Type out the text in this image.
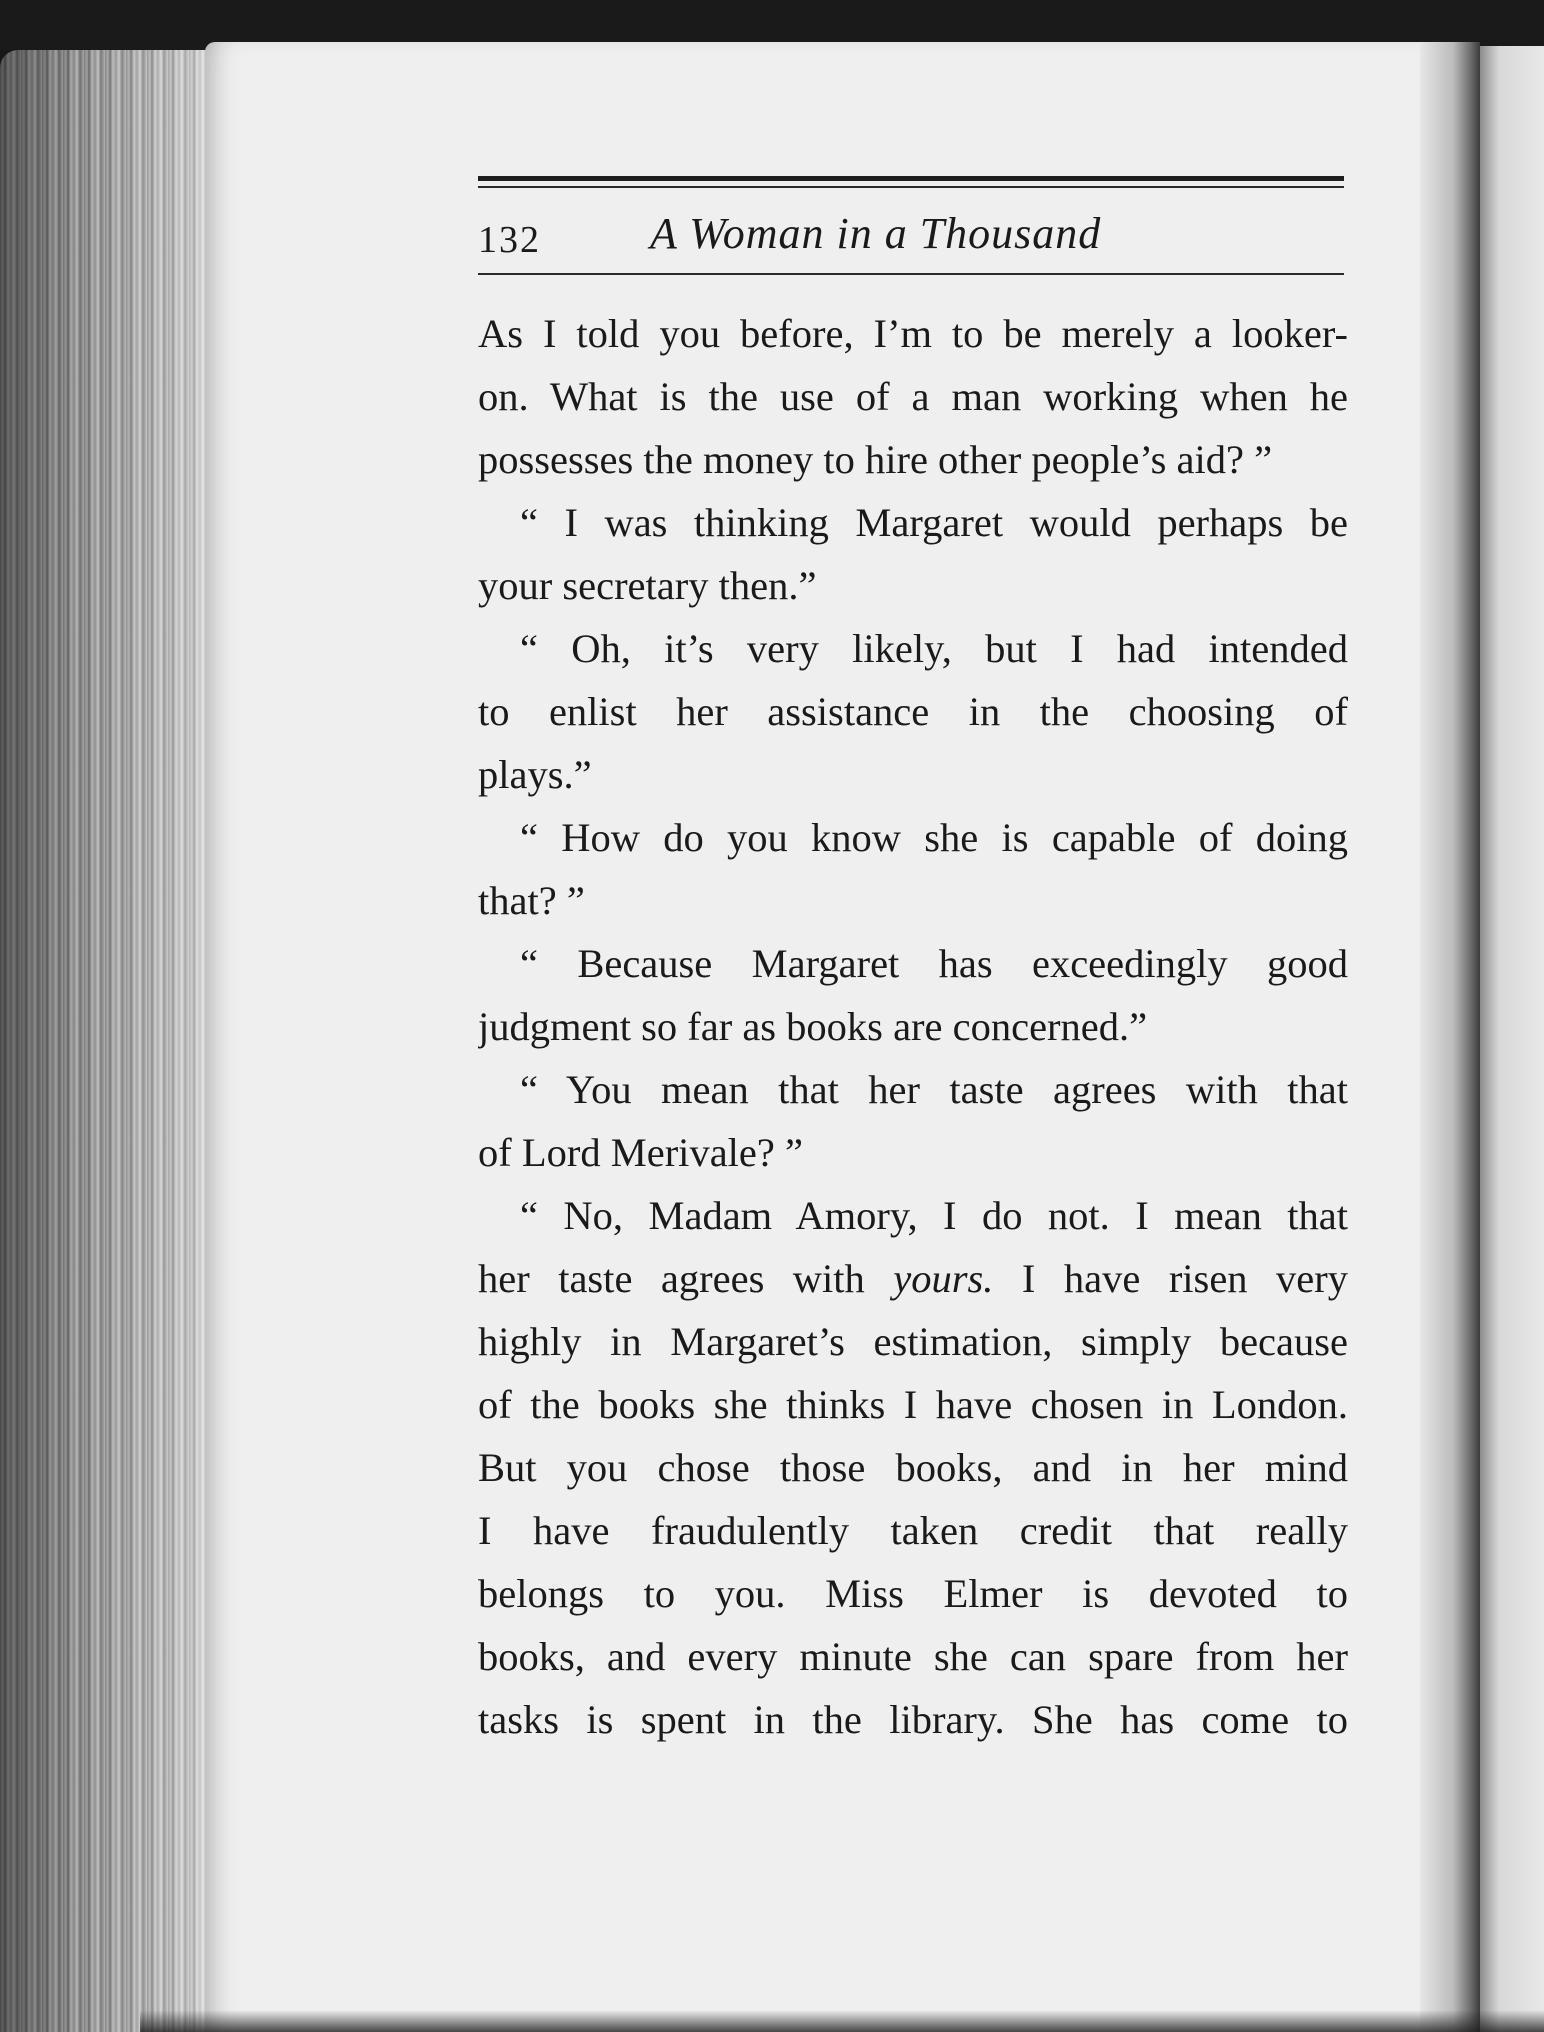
132 A Woman in a Thousand
As I told you before, I’m to be merely a looker-
on. What is the use of a man working when he
possesses the money to hire other people’s aid? ”
“ I was thinking Margaret would perhaps be
your secretary then.”
“ Oh, it’s very likely, but I had intended
to enlist her assistance in the choosing of
plays.”
“ How do you know she is capable of doing
that? ”
“ Because Margaret has exceedingly good
judgment so far as books are concerned.”
“ You mean that her taste agrees with that
of Lord Merivale? ”
“ No, Madam Amory, I do not. I mean that
her taste agrees with yours. I have risen very
highly in Margaret’s estimation, simply because
of the books she thinks I have chosen in London.
But you chose those books, and in her mind
I have fraudulently taken credit that really
belongs to you. Miss Elmer is devoted to
books, and every minute she can spare from her
tasks is spent in the library. She has come to
